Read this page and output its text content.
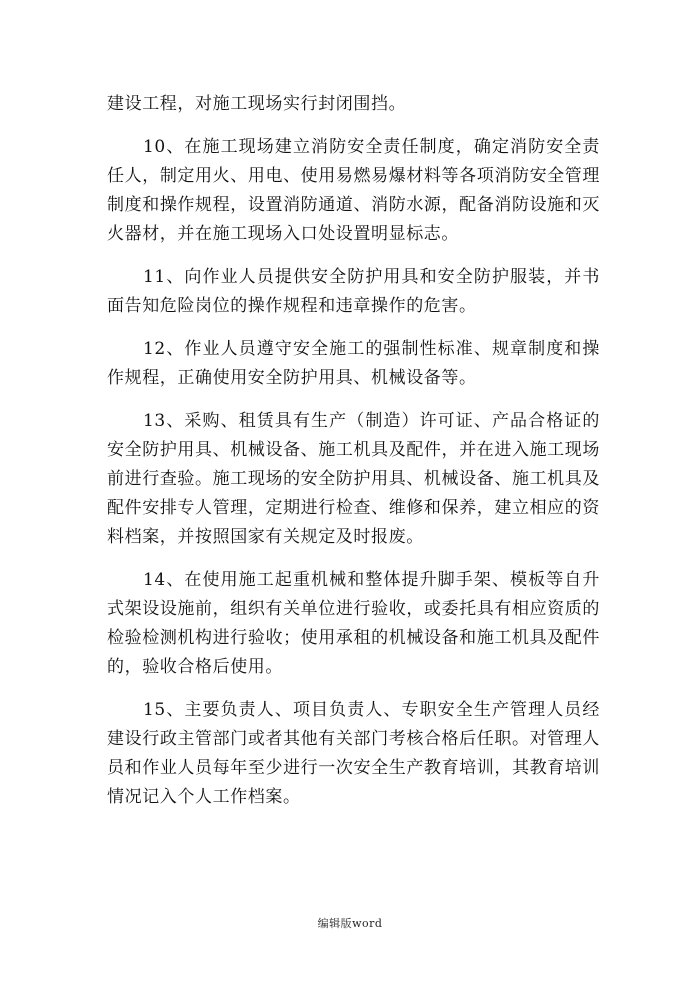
建设工程，对施工现场实行封闭围挡。

10、在施工现场建立消防安全责任制度，确定消防安全责任人，制定用火、用电、使用易燃易爆材料等各项消防安全管理制度和操作规程，设置消防通道、消防水源，配备消防设施和灭火器材，并在施工现场入口处设置明显标志。

11、向作业人员提供安全防护用具和安全防护服装，并书面告知危险岗位的操作规程和违章操作的危害。

12、作业人员遵守安全施工的强制性标准、规章制度和操作规程，正确使用安全防护用具、机械设备等。

13、采购、租赁具有生产（制造）许可证、产品合格证的安全防护用具、机械设备、施工机具及配件，并在进入施工现场前进行查验。施工现场的安全防护用具、机械设备、施工机具及配件安排专人管理，定期进行检查、维修和保养，建立相应的资料档案，并按照国家有关规定及时报废。

14、在使用施工起重机械和整体提升脚手架、模板等自升式架设设施前，组织有关单位进行验收，或委托具有相应资质的检验检测机构进行验收；使用承租的机械设备和施工机具及配件的，验收合格后使用。

15、主要负责人、项目负责人、专职安全生产管理人员经建设行政主管部门或者其他有关部门考核合格后任职。对管理人员和作业人员每年至少进行一次安全生产教育培训，其教育培训情况记入个人工作档案。

编辑版word
